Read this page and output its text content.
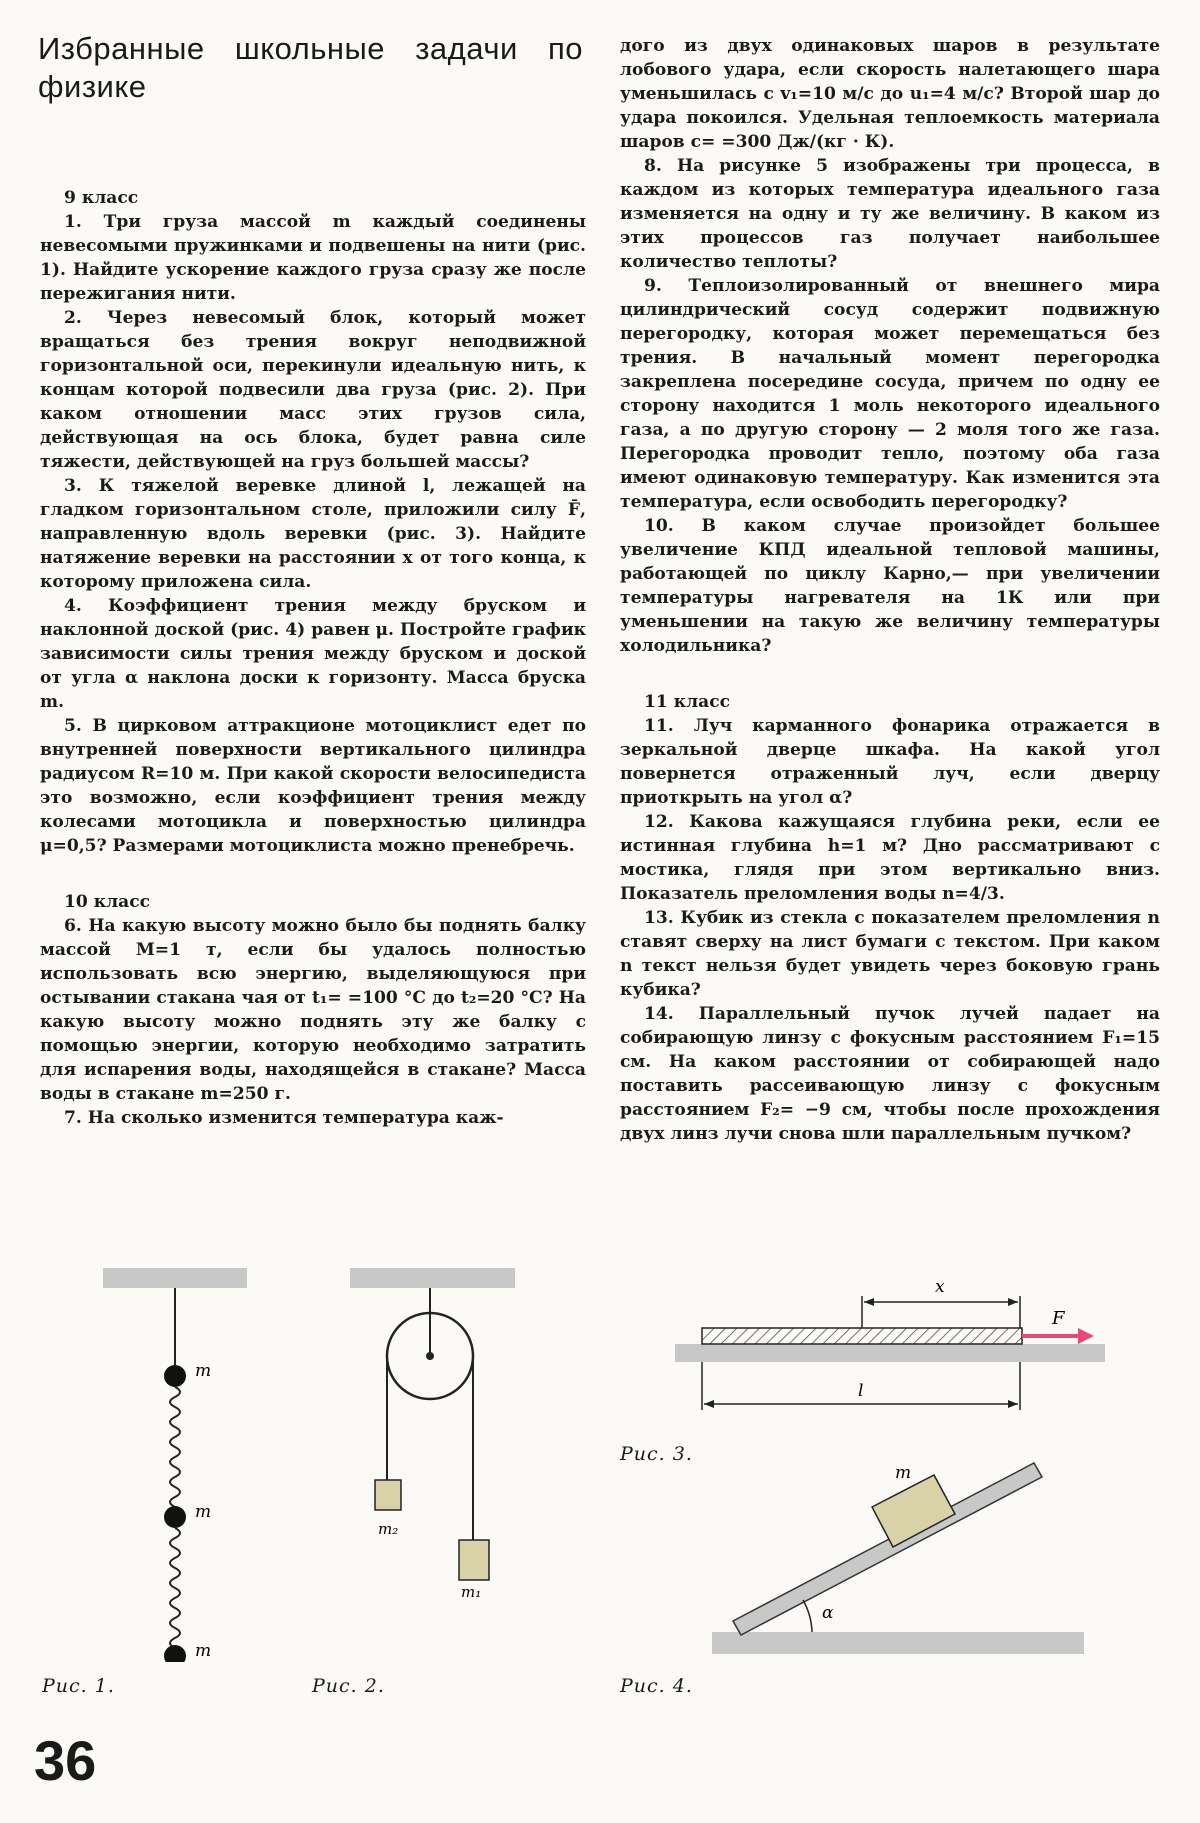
Избранные школьные задачи по физике
9 класс

1. Три груза массой m каждый соединены невесомыми пружинками и подвешены на нити (рис. 1). Найдите ускорение каждого груза сразу же после пережигания нити.

2. Через невесомый блок, который может вращаться без трения вокруг неподвижной горизонтальной оси, перекинули идеальную нить, к концам которой подвесили два груза (рис. 2). При каком отношении масс этих грузов сила, действующая на ось блока, будет равна силе тяжести, действующей на груз большей массы?

3. К тяжелой веревке длиной l, лежащей на гладком горизонтальном столе, приложили силу F̄, направленную вдоль веревки (рис. 3). Найдите натяжение веревки на расстоянии x от того конца, к которому приложена сила.

4. Коэффициент трения между бруском и наклонной доской (рис. 4) равен μ. Постройте график зависимости силы трения между бруском и доской от угла α наклона доски к горизонту. Масса бруска m.

5. В цирковом аттракционе мотоциклист едет по внутренней поверхности вертикального цилиндра радиусом R=10 м. При какой скорости велосипедиста это возможно, если коэффициент трения между колесами мотоцикла и поверхностью цилиндра μ=0,5? Размерами мотоциклиста можно пренебречь.

10 класс

6. На какую высоту можно было бы поднять балку массой M=1 т, если бы удалось полностью использовать всю энергию, выделяющуюся при остывании стакана чая от t₁= =100 °С до t₂=20 °С? На какую высоту можно поднять эту же балку с помощью энергии, которую необходимо затратить для испарения воды, находящейся в стакане? Масса воды в стакане m=250 г.

7. На сколько изменится температура каж-

дого из двух одинаковых шаров в результате лобового удара, если скорость налетающего шара уменьшилась с v₁=10 м/с до u₁=4 м/с? Второй шар до удара покоился. Удельная теплоемкость материала шаров c= =300 Дж/(кг · К).

8. На рисунке 5 изображены три процесса, в каждом из которых температура идеального газа изменяется на одну и ту же величину. В каком из этих процессов газ получает наибольшее количество теплоты?

9. Теплоизолированный от внешнего мира цилиндрический сосуд содержит подвижную перегородку, которая может перемещаться без трения. В начальный момент перегородка закреплена посередине сосуда, причем по одну ее сторону находится 1 моль некоторого идеального газа, а по другую сторону — 2 моля того же газа. Перегородка проводит тепло, поэтому оба газа имеют одинаковую температуру. Как изменится эта температура, если освободить перегородку?

10. В каком случае произойдет большее увеличение КПД идеальной тепловой машины, работающей по циклу Карно,— при увеличении температуры нагревателя на 1К или при уменьшении на такую же величину температуры холодильника?

11 класс

11. Луч карманного фонарика отражается в зеркальной дверце шкафа. На какой угол повернется отраженный луч, если дверцу приоткрыть на угол α?

12. Какова кажущаяся глубина реки, если ее истинная глубина h=1 м? Дно рассматривают с мостика, глядя при этом вертикально вниз. Показатель преломления воды n=4/3.

13. Кубик из стекла с показателем преломления n ставят сверху на лист бумаги с текстом. При каком n текст нельзя будет увидеть через боковую грань кубика?

14. Параллельный пучок лучей падает на собирающую линзу с фокусным расстоянием F₁=15 см. На каком расстоянии от собирающей надо поставить рассеивающую линзу с фокусным расстоянием F₂= −9 см, чтобы после прохождения двух линз лучи снова шли параллельным пучком?

m
m
m
Рис. 1.
m₂
m₁
Рис. 2.
x
l
F
Рис. 3.
m
α
Рис. 4.
36
